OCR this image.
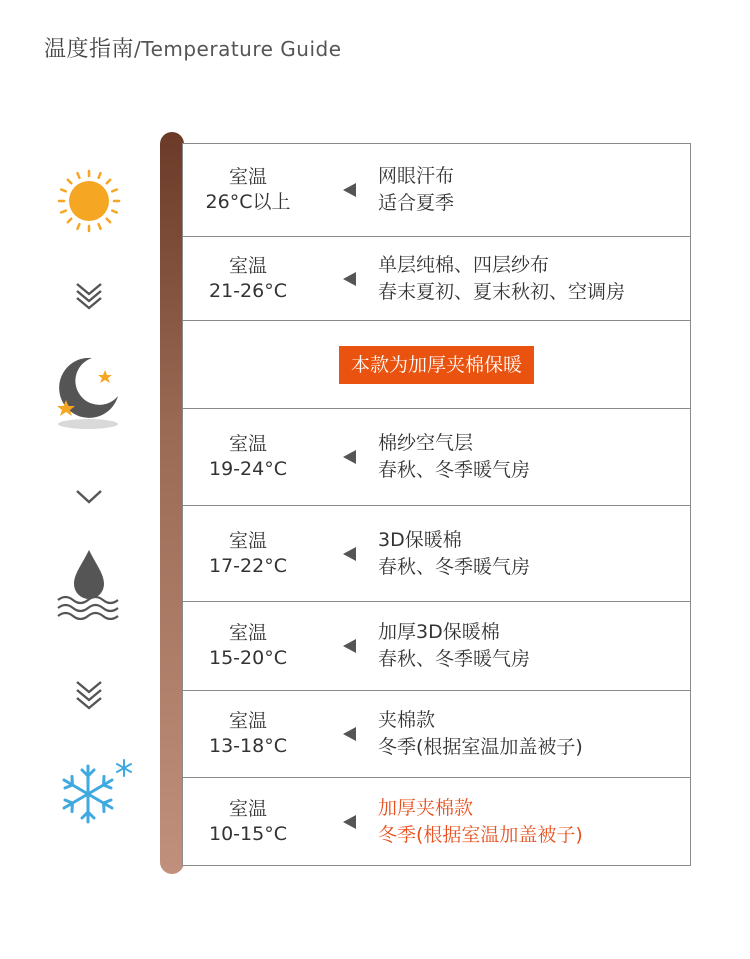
温度指南/Temperature Guide
室温
26°C以上
网眼汗布
适合夏季
室温
21-26°C
单层纯棉、四层纱布
春末夏初、夏末秋初、空调房
本款为加厚夹棉保暖
室温
19-24°C
棉纱空气层
春秋、冬季暖气房
室温
17-22°C
3D保暖棉
春秋、冬季暖气房
室温
15-20°C
加厚3D保暖棉
春秋、冬季暖气房
室温
13-18°C
夹棉款
冬季(根据室温加盖被子)
室温
10-15°C
加厚夹棉款
冬季(根据室温加盖被子)
